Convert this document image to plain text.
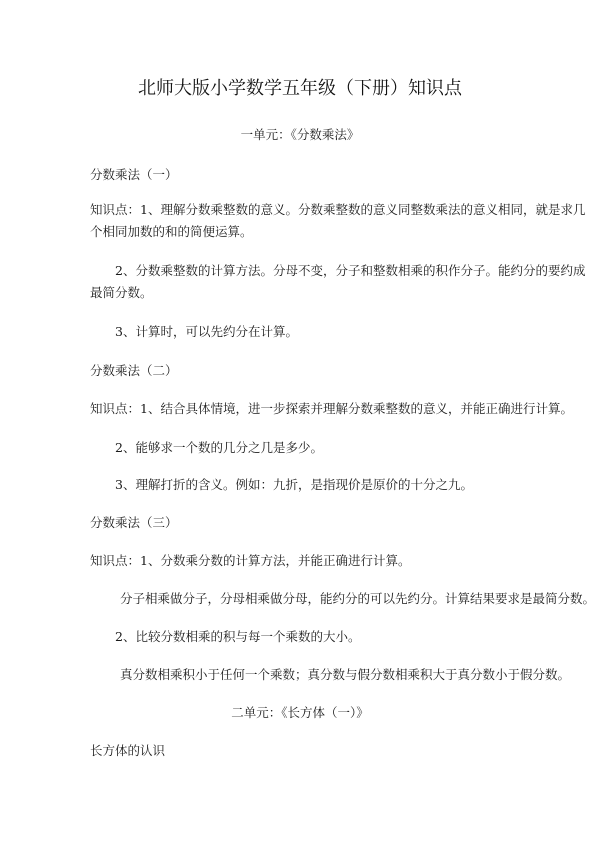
北师大版小学数学五年级（下册）知识点
一单元：《分数乘法》
分数乘法（一）
知识点：1、理解分数乘整数的意义。分数乘整数的意义同整数乘法的意义相同，就是求几
个相同加数的和的简便运算。
2、分数乘整数的计算方法。分母不变，分子和整数相乘的积作分子。能约分的要约成
最简分数。
3、计算时，可以先约分在计算。
分数乘法（二）
知识点：1、结合具体情境，进一步探索并理解分数乘整数的意义，并能正确进行计算。
2、能够求一个数的几分之几是多少。
3、理解打折的含义。例如：九折，是指现价是原价的十分之九。
分数乘法（三）
知识点：1、分数乘分数的计算方法，并能正确进行计算。
分子相乘做分子，分母相乘做分母，能约分的可以先约分。计算结果要求是最简分数。
2、比较分数相乘的积与每一个乘数的大小。
真分数相乘积小于任何一个乘数；真分数与假分数相乘积大于真分数小于假分数。
二单元：《长方体（一）》
长方体的认识
